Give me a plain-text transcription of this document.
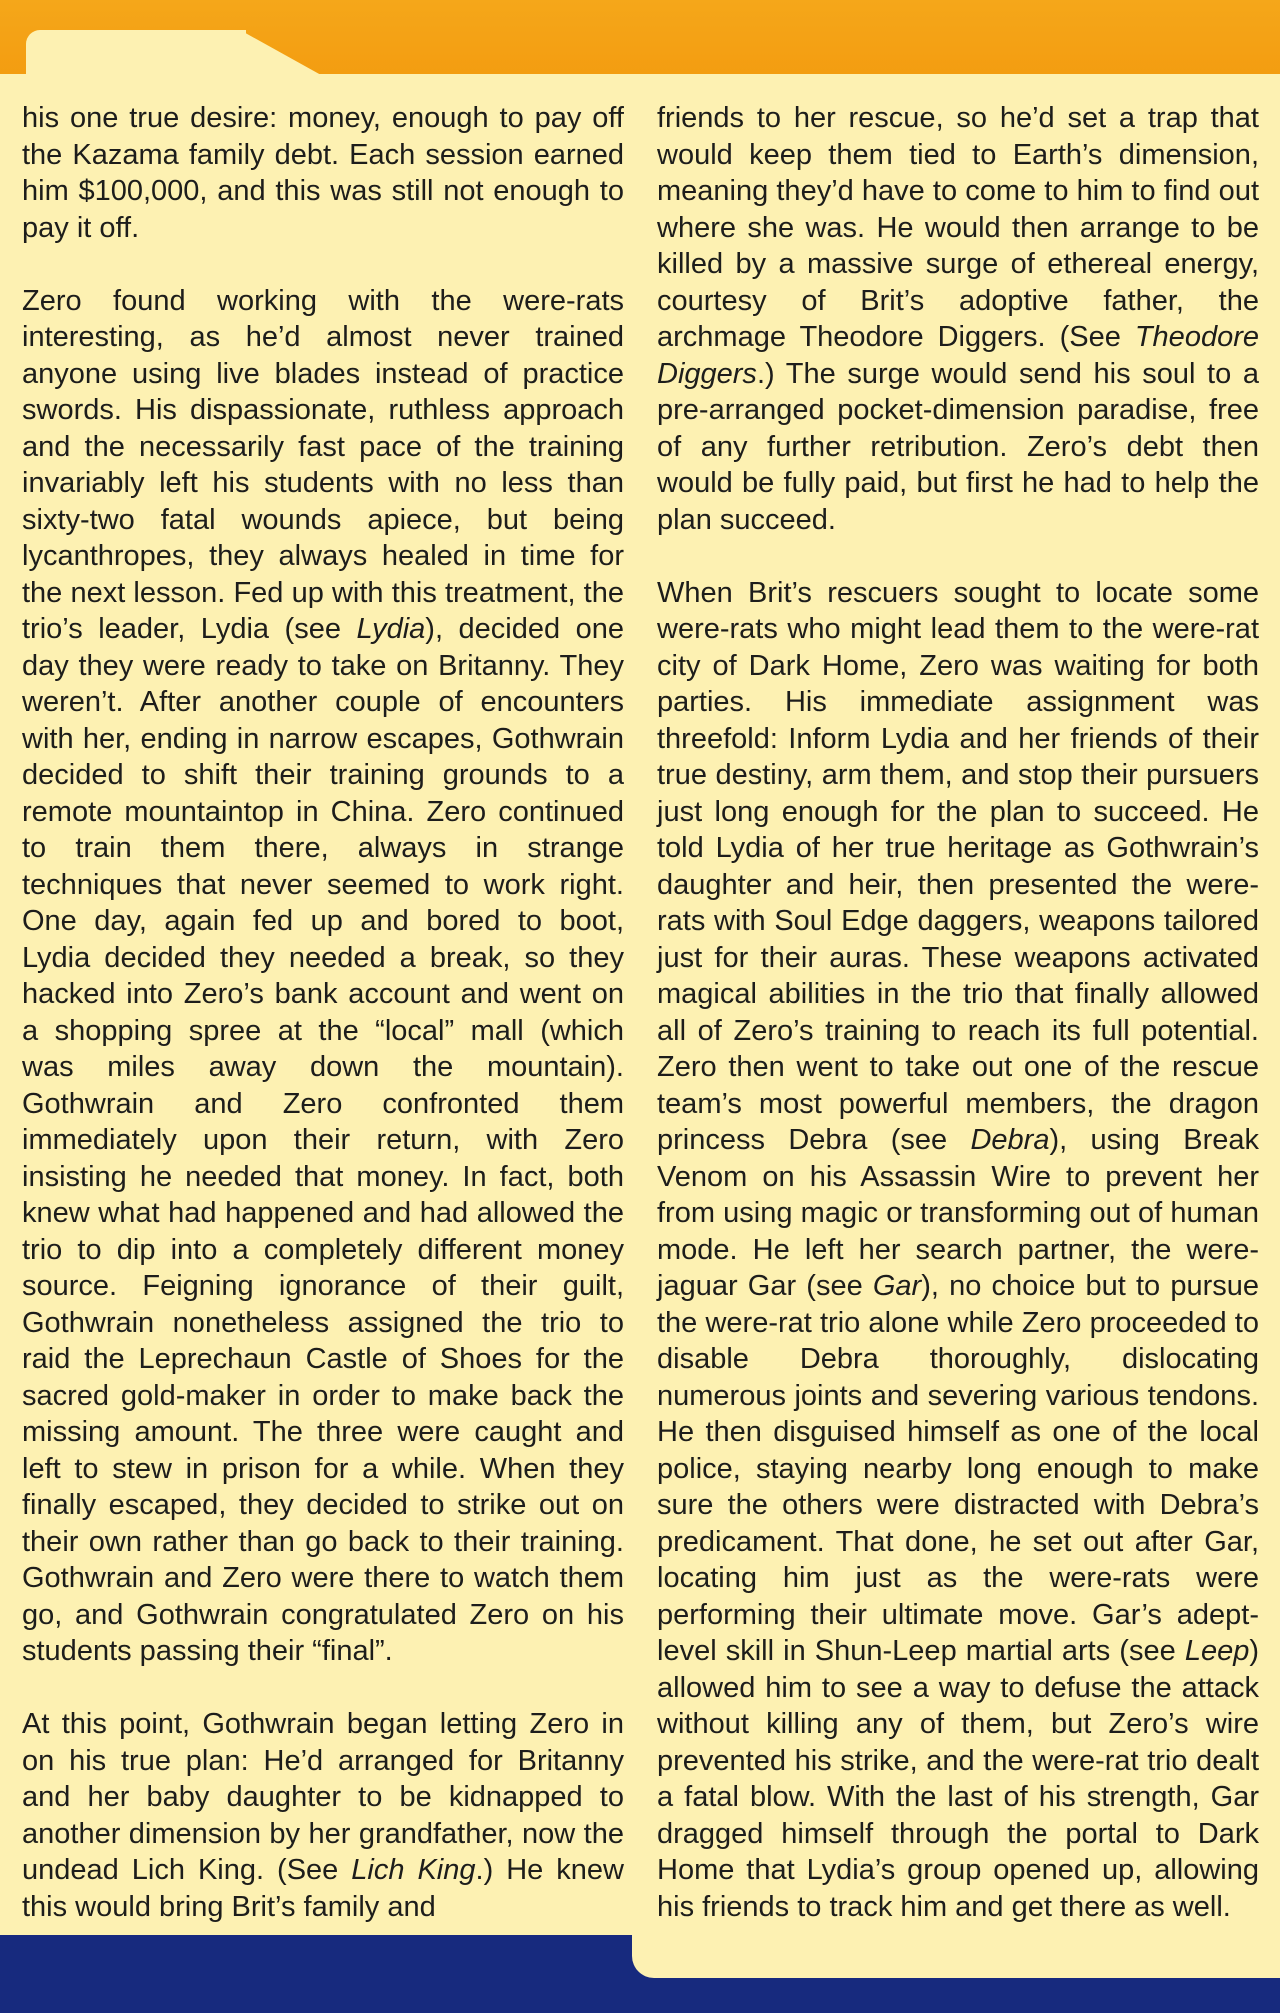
his one true desire: money, enough to pay off the Kazama family debt. Each session earned him $100,000, and this was still not enough to pay it off.

Zero found working with the were-rats interesting, as he’d almost never trained anyone using live blades instead of practice swords. His dispassionate, ruthless approach and the necessarily fast pace of the training invariably left his students with no less than sixty-two fatal wounds apiece, but being lycanthropes, they always healed in time for the next lesson. Fed up with this treatment, the trio’s leader, Lydia (see Lydia), decided one day they were ready to take on Britanny. They weren’t. After another couple of encounters with her, ending in narrow escapes, Gothwrain decided to shift their training grounds to a remote mountaintop in China. Zero continued to train them there, always in strange techniques that never seemed to work right. One day, again fed up and bored to boot, Lydia decided they needed a break, so they hacked into Zero’s bank account and went on a shopping spree at the “local” mall (which was miles away down the mountain). Gothwrain and Zero confronted them immediately upon their return, with Zero insisting he needed that money. In fact, both knew what had happened and had allowed the trio to dip into a completely different money source. Feigning ignorance of their guilt, Gothwrain nonetheless assigned the trio to raid the Leprechaun Castle of Shoes for the sacred gold-maker in order to make back the missing amount. The three were caught and left to stew in prison for a while. When they finally escaped, they decided to strike out on their own rather than go back to their training. Gothwrain and Zero were there to watch them go, and Gothwrain congratulated Zero on his students passing their “final”.

At this point, Gothwrain began letting Zero in on his true plan: He’d arranged for Britanny and her baby daughter to be kidnapped to another dimension by her grandfather, now the undead Lich King. (See Lich King.) He knew this would bring Brit’s family and

friends to her rescue, so he’d set a trap that would keep them tied to Earth’s dimension, meaning they’d have to come to him to find out where she was. He would then arrange to be killed by a massive surge of ethereal energy, courtesy of Brit’s adoptive father, the archmage Theodore Diggers. (See Theodore Diggers.) The surge would send his soul to a pre-arranged pocket-dimension paradise, free of any further retribution. Zero’s debt then would be fully paid, but first he had to help the plan succeed.

When Brit’s rescuers sought to locate some were-rats who might lead them to the were-rat city of Dark Home, Zero was waiting for both parties. His immediate assignment was threefold: Inform Lydia and her friends of their true destiny, arm them, and stop their pursuers just long enough for the plan to succeed. He told Lydia of her true heritage as Gothwrain’s daughter and heir, then presented the were-rats with Soul Edge daggers, weapons tailored just for their auras. These weapons activated magical abilities in the trio that finally allowed all of Zero’s training to reach its full potential. Zero then went to take out one of the rescue team’s most powerful members, the dragon princess Debra (see Debra), using Break Venom on his Assassin Wire to prevent her from using magic or transforming out of human mode. He left her search partner, the were-jaguar Gar (see Gar), no choice but to pursue the were-rat trio alone while Zero proceeded to disable Debra thoroughly, dislocating numerous joints and severing various tendons. He then disguised himself as one of the local police, staying nearby long enough to make sure the others were distracted with Debra’s predicament. That done, he set out after Gar, locating him just as the were-rats were performing their ultimate move. Gar’s adept-level skill in Shun-Leep martial arts (see Leep) allowed him to see a way to defuse the attack without killing any of them, but Zero’s wire prevented his strike, and the were-rat trio dealt a fatal blow. With the last of his strength, Gar dragged himself through the portal to Dark Home that Lydia’s group opened up, allowing his friends to track him and get there as well.
